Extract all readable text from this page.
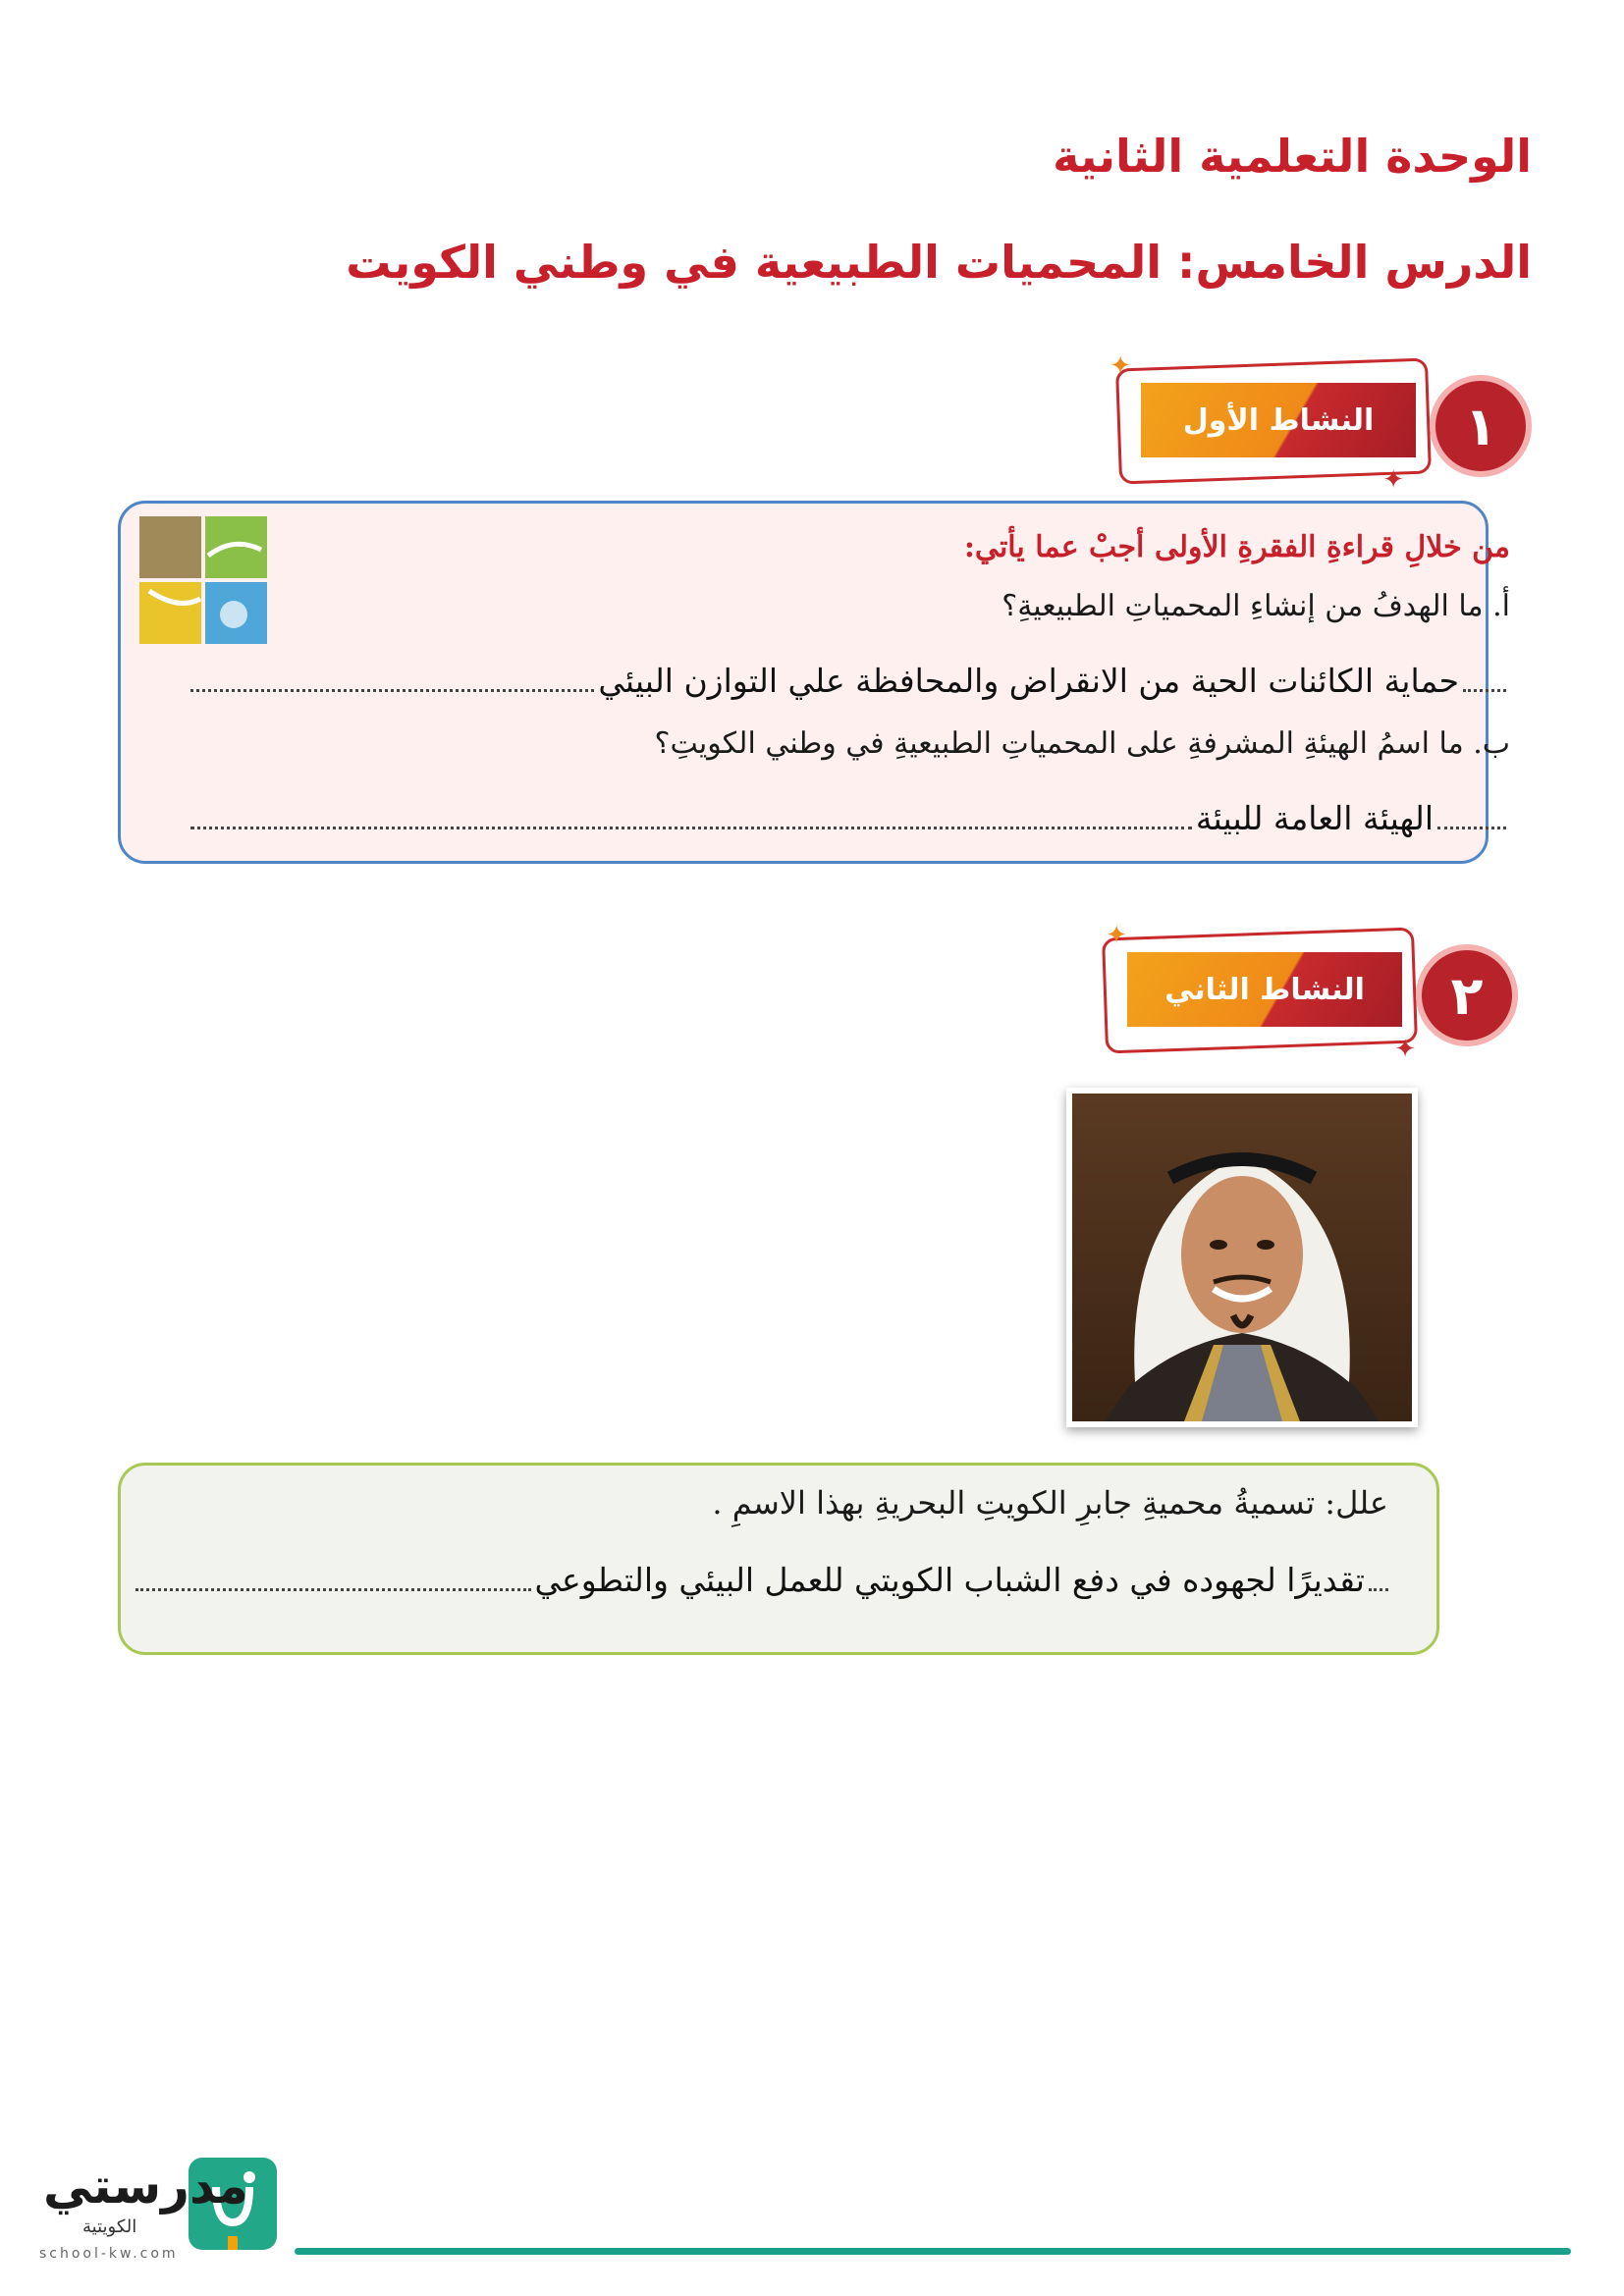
الوحدة التعلمية الثانية
الدرس الخامس: المحميات الطبيعية في وطني الكويت
النشاط الأول	١
✦
✦
من خلالِ قراءةِ الفقرةِ الأولى أجبْ عما يأتي:
أ. ما الهدفُ من إنشاءِ المحمياتِ الطبيعيةِ؟
حماية الكائنات الحية من الانقراض والمحافظة علي التوازن البيئي
ب. ما اسمُ الهيئةِ المشرفةِ على المحمياتِ الطبيعيةِ في وطني الكويتِ؟
الهيئة العامة للبيئة
النشاط الثاني	٢
✦
✦
علل: تسميةُ محميةِ جابرِ الكويتِ البحريةِ بهذا الاسمِ .
تقديرًا لجهوده في دفع الشباب الكويتي للعمل البيئي والتطوعي
مدرستي
الكويتية
school-kw.com
